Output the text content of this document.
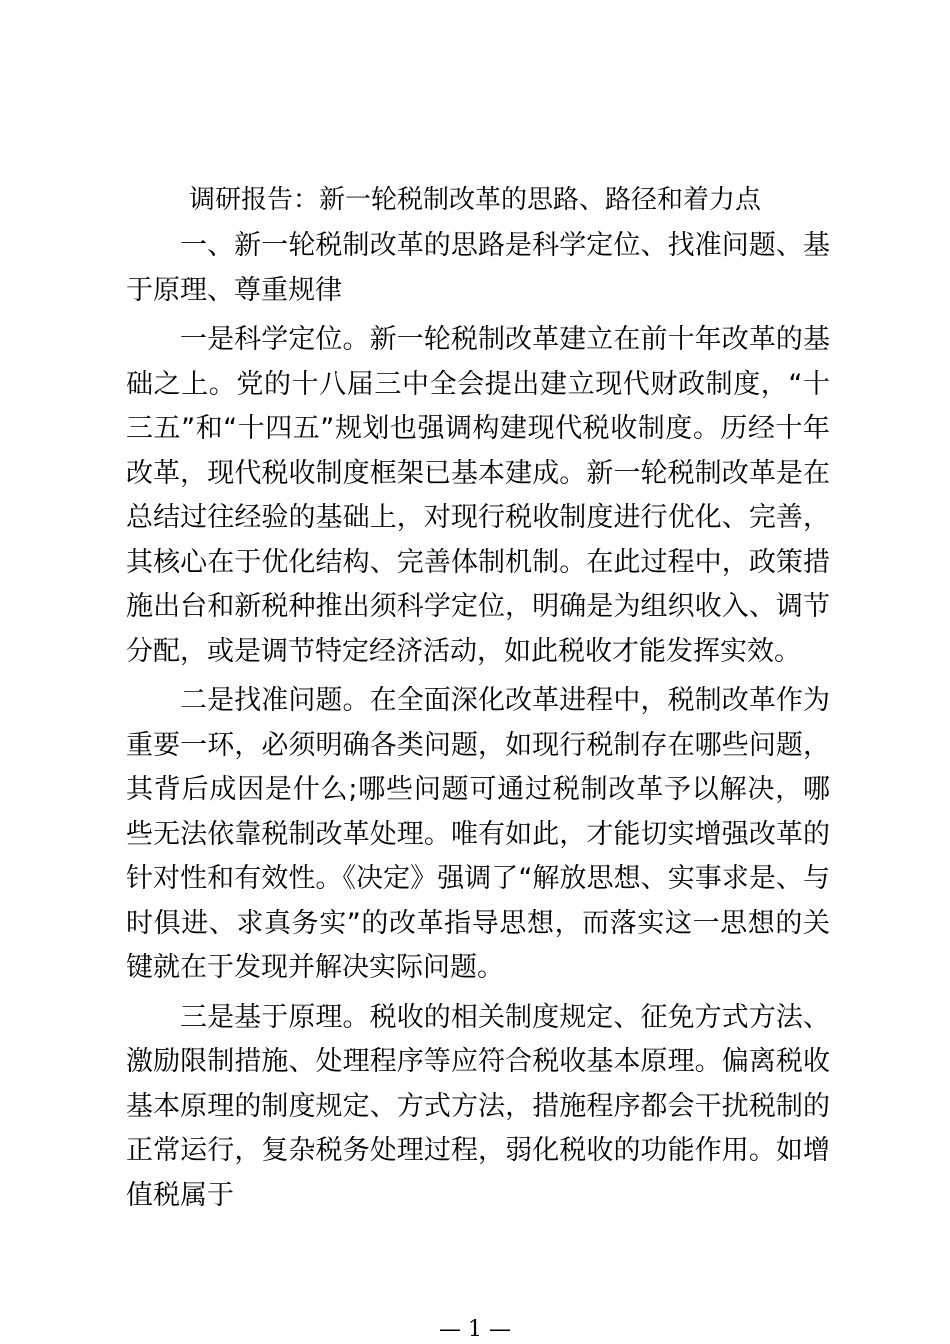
调研报告：新一轮税制改革的思路、路径和着力点

一、新一轮税制改革的思路是科学定位、找准问题、基于原理、尊重规律

一是科学定位。新一轮税制改革建立在前十年改革的基础之上。党的十八届三中全会提出建立现代财政制度，“十三五”和“十四五”规划也强调构建现代税收制度。历经十年改革，现代税收制度框架已基本建成。新一轮税制改革是在总结过往经验的基础上，对现行税收制度进行优化、完善，其核心在于优化结构、完善体制机制。在此过程中，政策措施出台和新税种推出须科学定位，明确是为组织收入、调节分配，或是调节特定经济活动，如此税收才能发挥实效。

二是找准问题。在全面深化改革进程中，税制改革作为重要一环，必须明确各类问题，如现行税制存在哪些问题，其背后成因是什么;哪些问题可通过税制改革予以解决，哪些无法依靠税制改革处理。唯有如此，才能切实增强改革的针对性和有效性。《决定》强调了“解放思想、实事求是、与时俱进、求真务实”的改革指导思想，而落实这一思想的关键就在于发现并解决实际问题。

三是基于原理。税收的相关制度规定、征免方式方法、激励限制措施、处理程序等应符合税收基本原理。偏离税收基本原理的制度规定、方式方法，措施程序都会干扰税制的正常运行，复杂税务处理过程，弱化税收的功能作用。如增值税属于

— 1 —
